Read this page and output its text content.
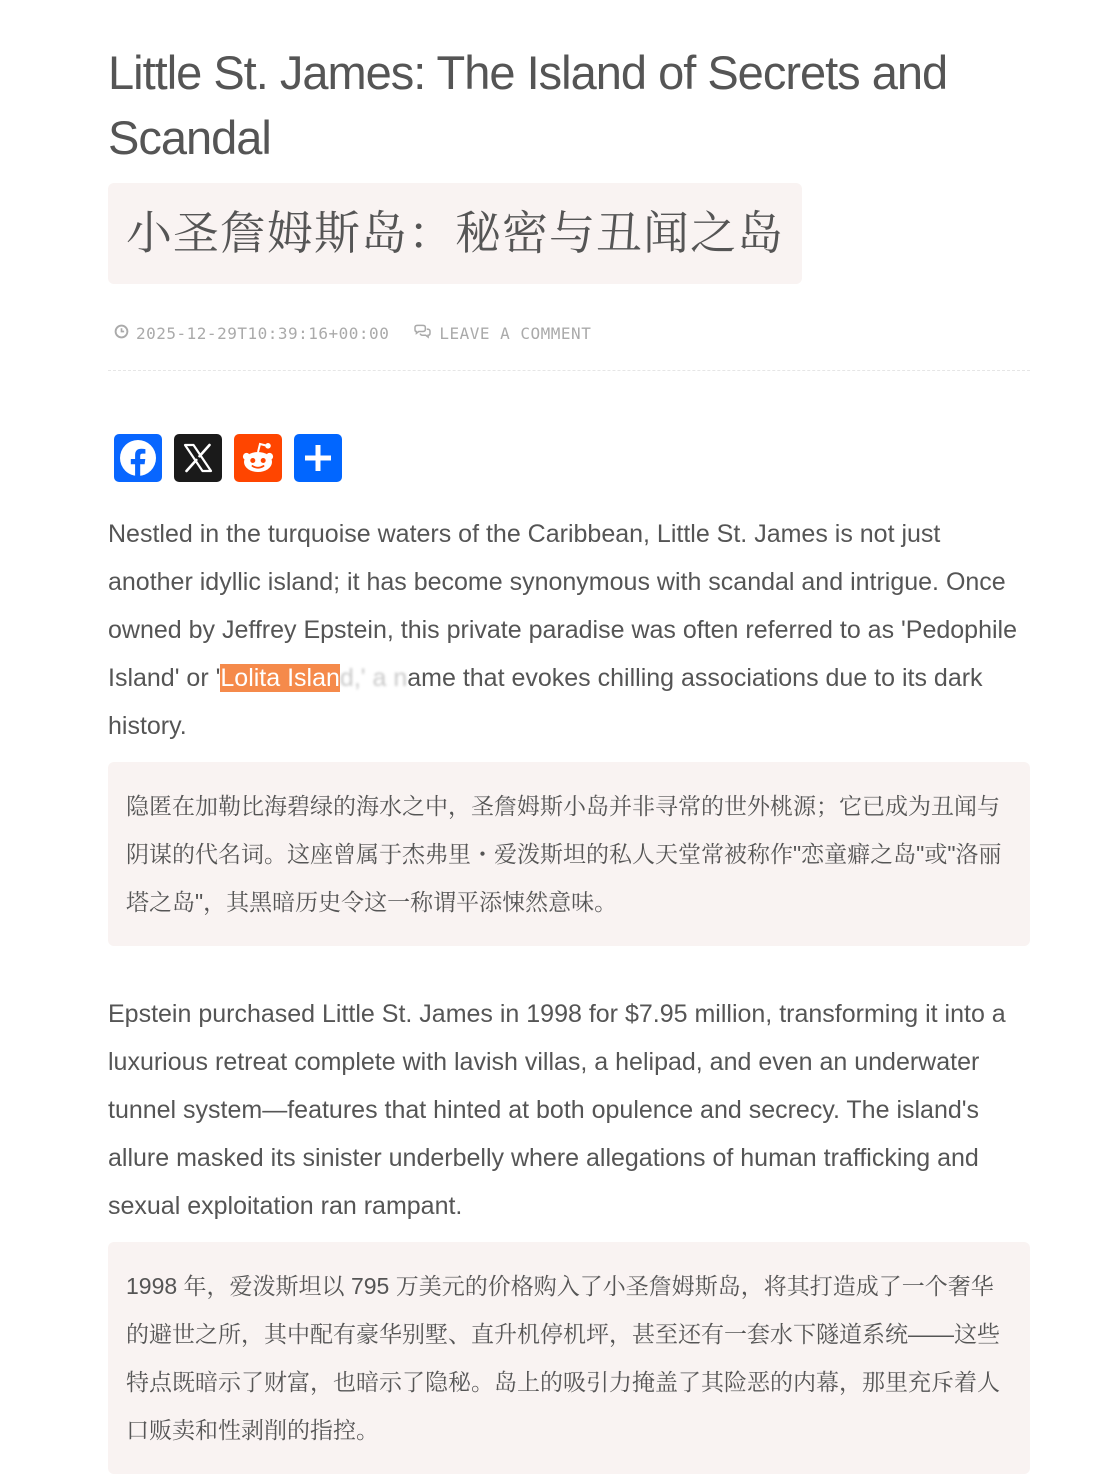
Little St. James: The Island of Secrets and Scandal
小圣詹姆斯岛：秘密与丑闻之岛
2025-12-29T10:39:16+00:00	LEAVE A COMMENT

Nestled in the turquoise waters of the Caribbean, Little St. James is not just another idyllic island; it has become synonymous with scandal and intrigue. Once owned by Jeffrey Epstein, this private paradise was often referred to as 'Pedophile Island' or 'Lolita Island,' a name that evokes chilling associations due to its dark history.

隐匿在加勒比海碧绿的海水之中，圣詹姆斯小岛并非寻常的世外桃源；它已成为丑闻与阴谋的代名词。这座曾属于杰弗里・爱泼斯坦的私人天堂常被称作"恋童癖之岛"或"洛丽塔之岛"，其黑暗历史令这一称谓平添悚然意味。

Epstein purchased Little St. James in 1998 for $7.95 million, transforming it into a luxurious retreat complete with lavish villas, a helipad, and even an underwater tunnel system—features that hinted at both opulence and secrecy. The island's allure masked its sinister underbelly where allegations of human trafficking and sexual exploitation ran rampant.

1998 年，爱泼斯坦以 795 万美元的价格购入了小圣詹姆斯岛，将其打造成了一个奢华的避世之所，其中配有豪华别墅、直升机停机坪，甚至还有一套水下隧道系统——这些特点既暗示了财富，也暗示了隐秘。岛上的吸引力掩盖了其险恶的内幕，那里充斥着人口贩卖和性剥削的指控。
